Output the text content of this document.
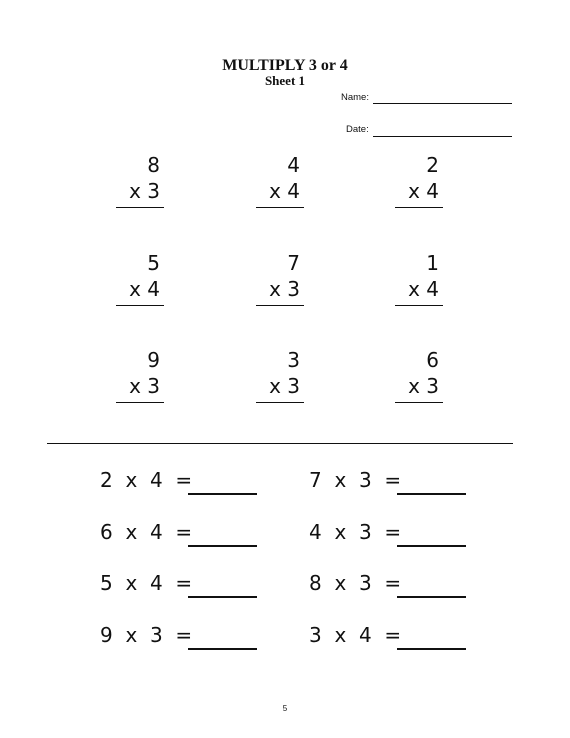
MULTIPLY 3 or 4
Sheet 1
Name:
Date:
8
x 3
4
x 4
2
x 4
5
x 4
7
x 3
1
x 4
9
x 3
3
x 3
6
x 3
2  x  4  =	7  x  3  =
6  x  4  =	4  x  3  =
5  x  4  =	8  x  3  =
9  x  3  =	3  x  4  =
5
